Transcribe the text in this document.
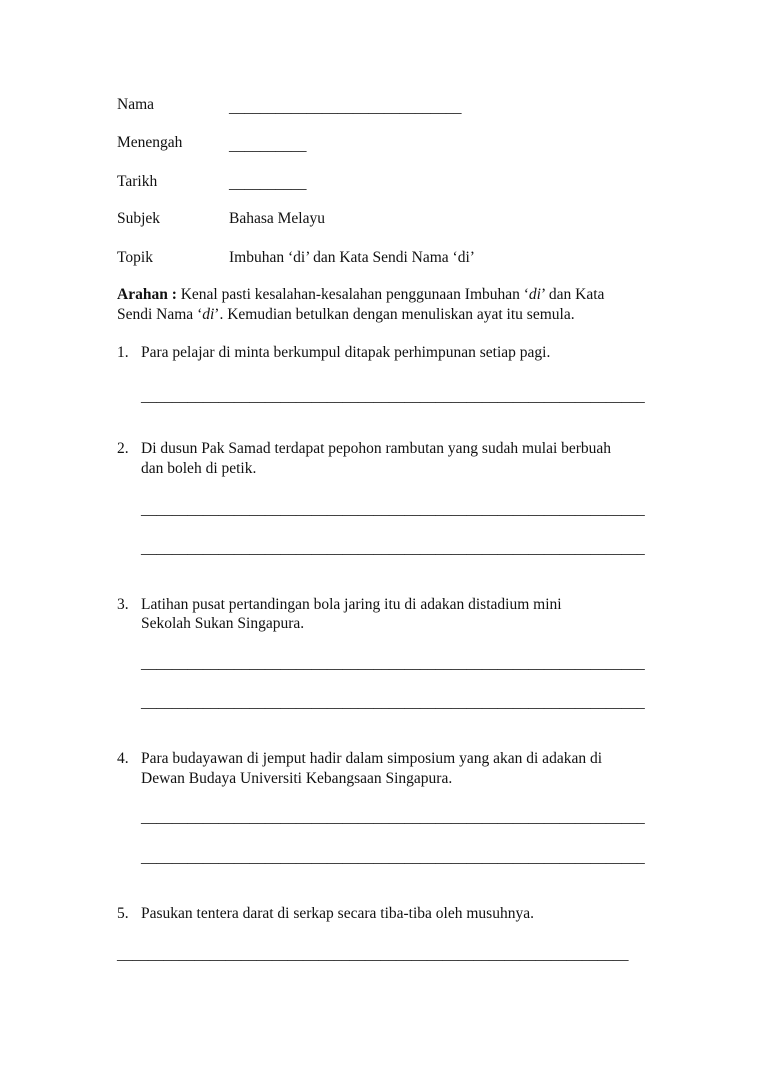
Nama	______________________________
Menengah	__________
Tarikh	__________
Subjek	Bahasa Melayu
Topik	Imbuhan ‘di’ dan Kata Sendi Nama ‘di’
Arahan : Kenal pasti kesalahan-kesalahan penggunaan Imbuhan ‘di’ dan Kata
Sendi Nama ‘di’. Kemudian betulkan dengan menuliskan ayat itu semula.
1. Para pelajar di minta berkumpul ditapak perhimpunan setiap pagi.
_________________________________________________________________
2. Di dusun Pak Samad terdapat pepohon rambutan yang sudah mulai berbuah
dan boleh di petik.
_________________________________________________________________
_________________________________________________________________
3. Latihan pusat pertandingan bola jaring itu di adakan distadium mini
Sekolah Sukan Singapura.
_________________________________________________________________
_________________________________________________________________
4. Para budayawan di jemput hadir dalam simposium yang akan di adakan di
Dewan Budaya Universiti Kebangsaan Singapura.
_________________________________________________________________
_________________________________________________________________
5. Pasukan tentera darat di serkap secara tiba-tiba oleh musuhnya.
__________________________________________________________________
